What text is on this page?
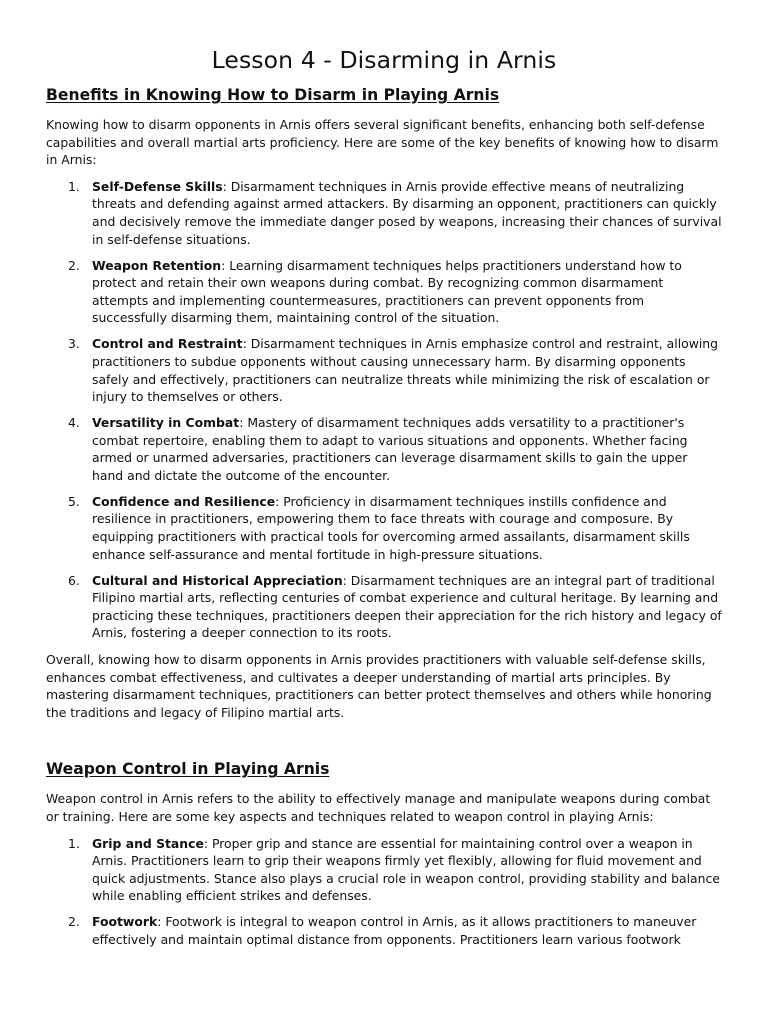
Lesson 4 - Disarming in Arnis
Benefits in Knowing How to Disarm in Playing Arnis

Knowing how to disarm opponents in Arnis offers several significant benefits, enhancing both self-defense capabilities and overall martial arts proficiency. Here are some of the key benefits of knowing how to disarm in Arnis:

1. Self-Defense Skills: Disarmament techniques in Arnis provide effective means of neutralizing threats and defending against armed attackers. By disarming an opponent, practitioners can quickly and decisively remove the immediate danger posed by weapons, increasing their chances of survival in self-defense situations.
2. Weapon Retention: Learning disarmament techniques helps practitioners understand how to protect and retain their own weapons during combat. By recognizing common disarmament attempts and implementing countermeasures, practitioners can prevent opponents from successfully disarming them, maintaining control of the situation.
3. Control and Restraint: Disarmament techniques in Arnis emphasize control and restraint, allowing practitioners to subdue opponents without causing unnecessary harm. By disarming opponents safely and effectively, practitioners can neutralize threats while minimizing the risk of escalation or injury to themselves or others.
4. Versatility in Combat: Mastery of disarmament techniques adds versatility to a practitioner's combat repertoire, enabling them to adapt to various situations and opponents. Whether facing armed or unarmed adversaries, practitioners can leverage disarmament skills to gain the upper hand and dictate the outcome of the encounter.
5. Confidence and Resilience: Proficiency in disarmament techniques instills confidence and resilience in practitioners, empowering them to face threats with courage and composure. By equipping practitioners with practical tools for overcoming armed assailants, disarmament skills enhance self-assurance and mental fortitude in high-pressure situations.
6. Cultural and Historical Appreciation: Disarmament techniques are an integral part of traditional Filipino martial arts, reflecting centuries of combat experience and cultural heritage. By learning and practicing these techniques, practitioners deepen their appreciation for the rich history and legacy of Arnis, fostering a deeper connection to its roots.

Overall, knowing how to disarm opponents in Arnis provides practitioners with valuable self-defense skills, enhances combat effectiveness, and cultivates a deeper understanding of martial arts principles. By mastering disarmament techniques, practitioners can better protect themselves and others while honoring the traditions and legacy of Filipino martial arts.

Weapon Control in Playing Arnis

Weapon control in Arnis refers to the ability to effectively manage and manipulate weapons during combat or training. Here are some key aspects and techniques related to weapon control in playing Arnis:

1. Grip and Stance: Proper grip and stance are essential for maintaining control over a weapon in Arnis. Practitioners learn to grip their weapons firmly yet flexibly, allowing for fluid movement and quick adjustments. Stance also plays a crucial role in weapon control, providing stability and balance while enabling efficient strikes and defenses.
2. Footwork: Footwork is integral to weapon control in Arnis, as it allows practitioners to maneuver effectively and maintain optimal distance from opponents. Practitioners learn various footwork
